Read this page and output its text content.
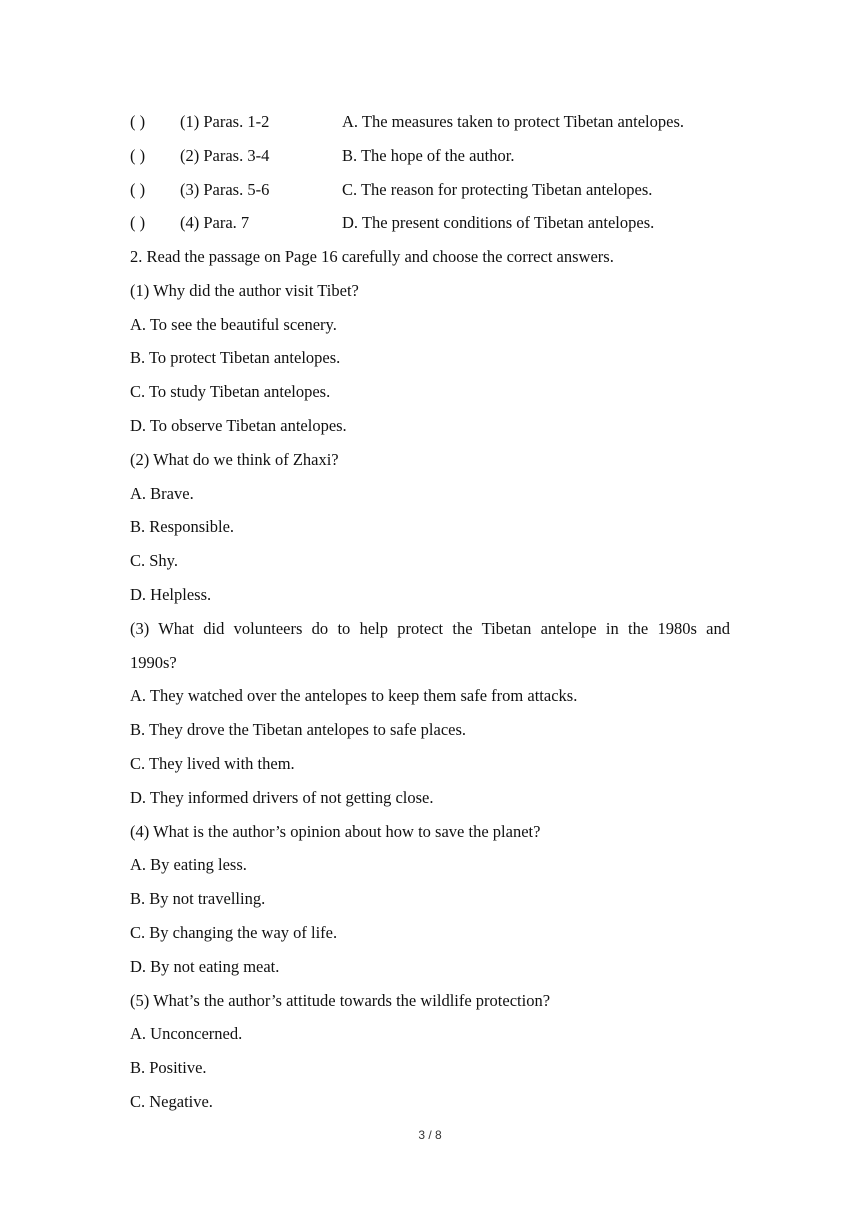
( ) (1) Paras. 1-2	A. The measures taken to protect Tibetan antelopes.
( ) (2) Paras. 3-4	B. The hope of the author.
( ) (3) Paras. 5-6	C. The reason for protecting Tibetan antelopes.
( ) (4) Para. 7	D. The present conditions of Tibetan antelopes.
2. Read the passage on Page 16 carefully and choose the correct answers.
(1) Why did the author visit Tibet?
A. To see the beautiful scenery.
B. To protect Tibetan antelopes.
C. To study Tibetan antelopes.
D. To observe Tibetan antelopes.
(2) What do we think of Zhaxi?
A. Brave.
B. Responsible.
C. Shy.
D. Helpless.
(3) What did volunteers do to help protect the Tibetan antelope in the 1980s and
1990s?
A. They watched over the antelopes to keep them safe from attacks.
B. They drove the Tibetan antelopes to safe places.
C. They lived with them.
D. They informed drivers of not getting close.
(4) What is the author’s opinion about how to save the planet?
A. By eating less.
B. By not travelling.
C. By changing the way of life.
D. By not eating meat.
(5) What’s the author’s attitude towards the wildlife protection?
A. Unconcerned.
B. Positive.
C. Negative.
3 / 8
